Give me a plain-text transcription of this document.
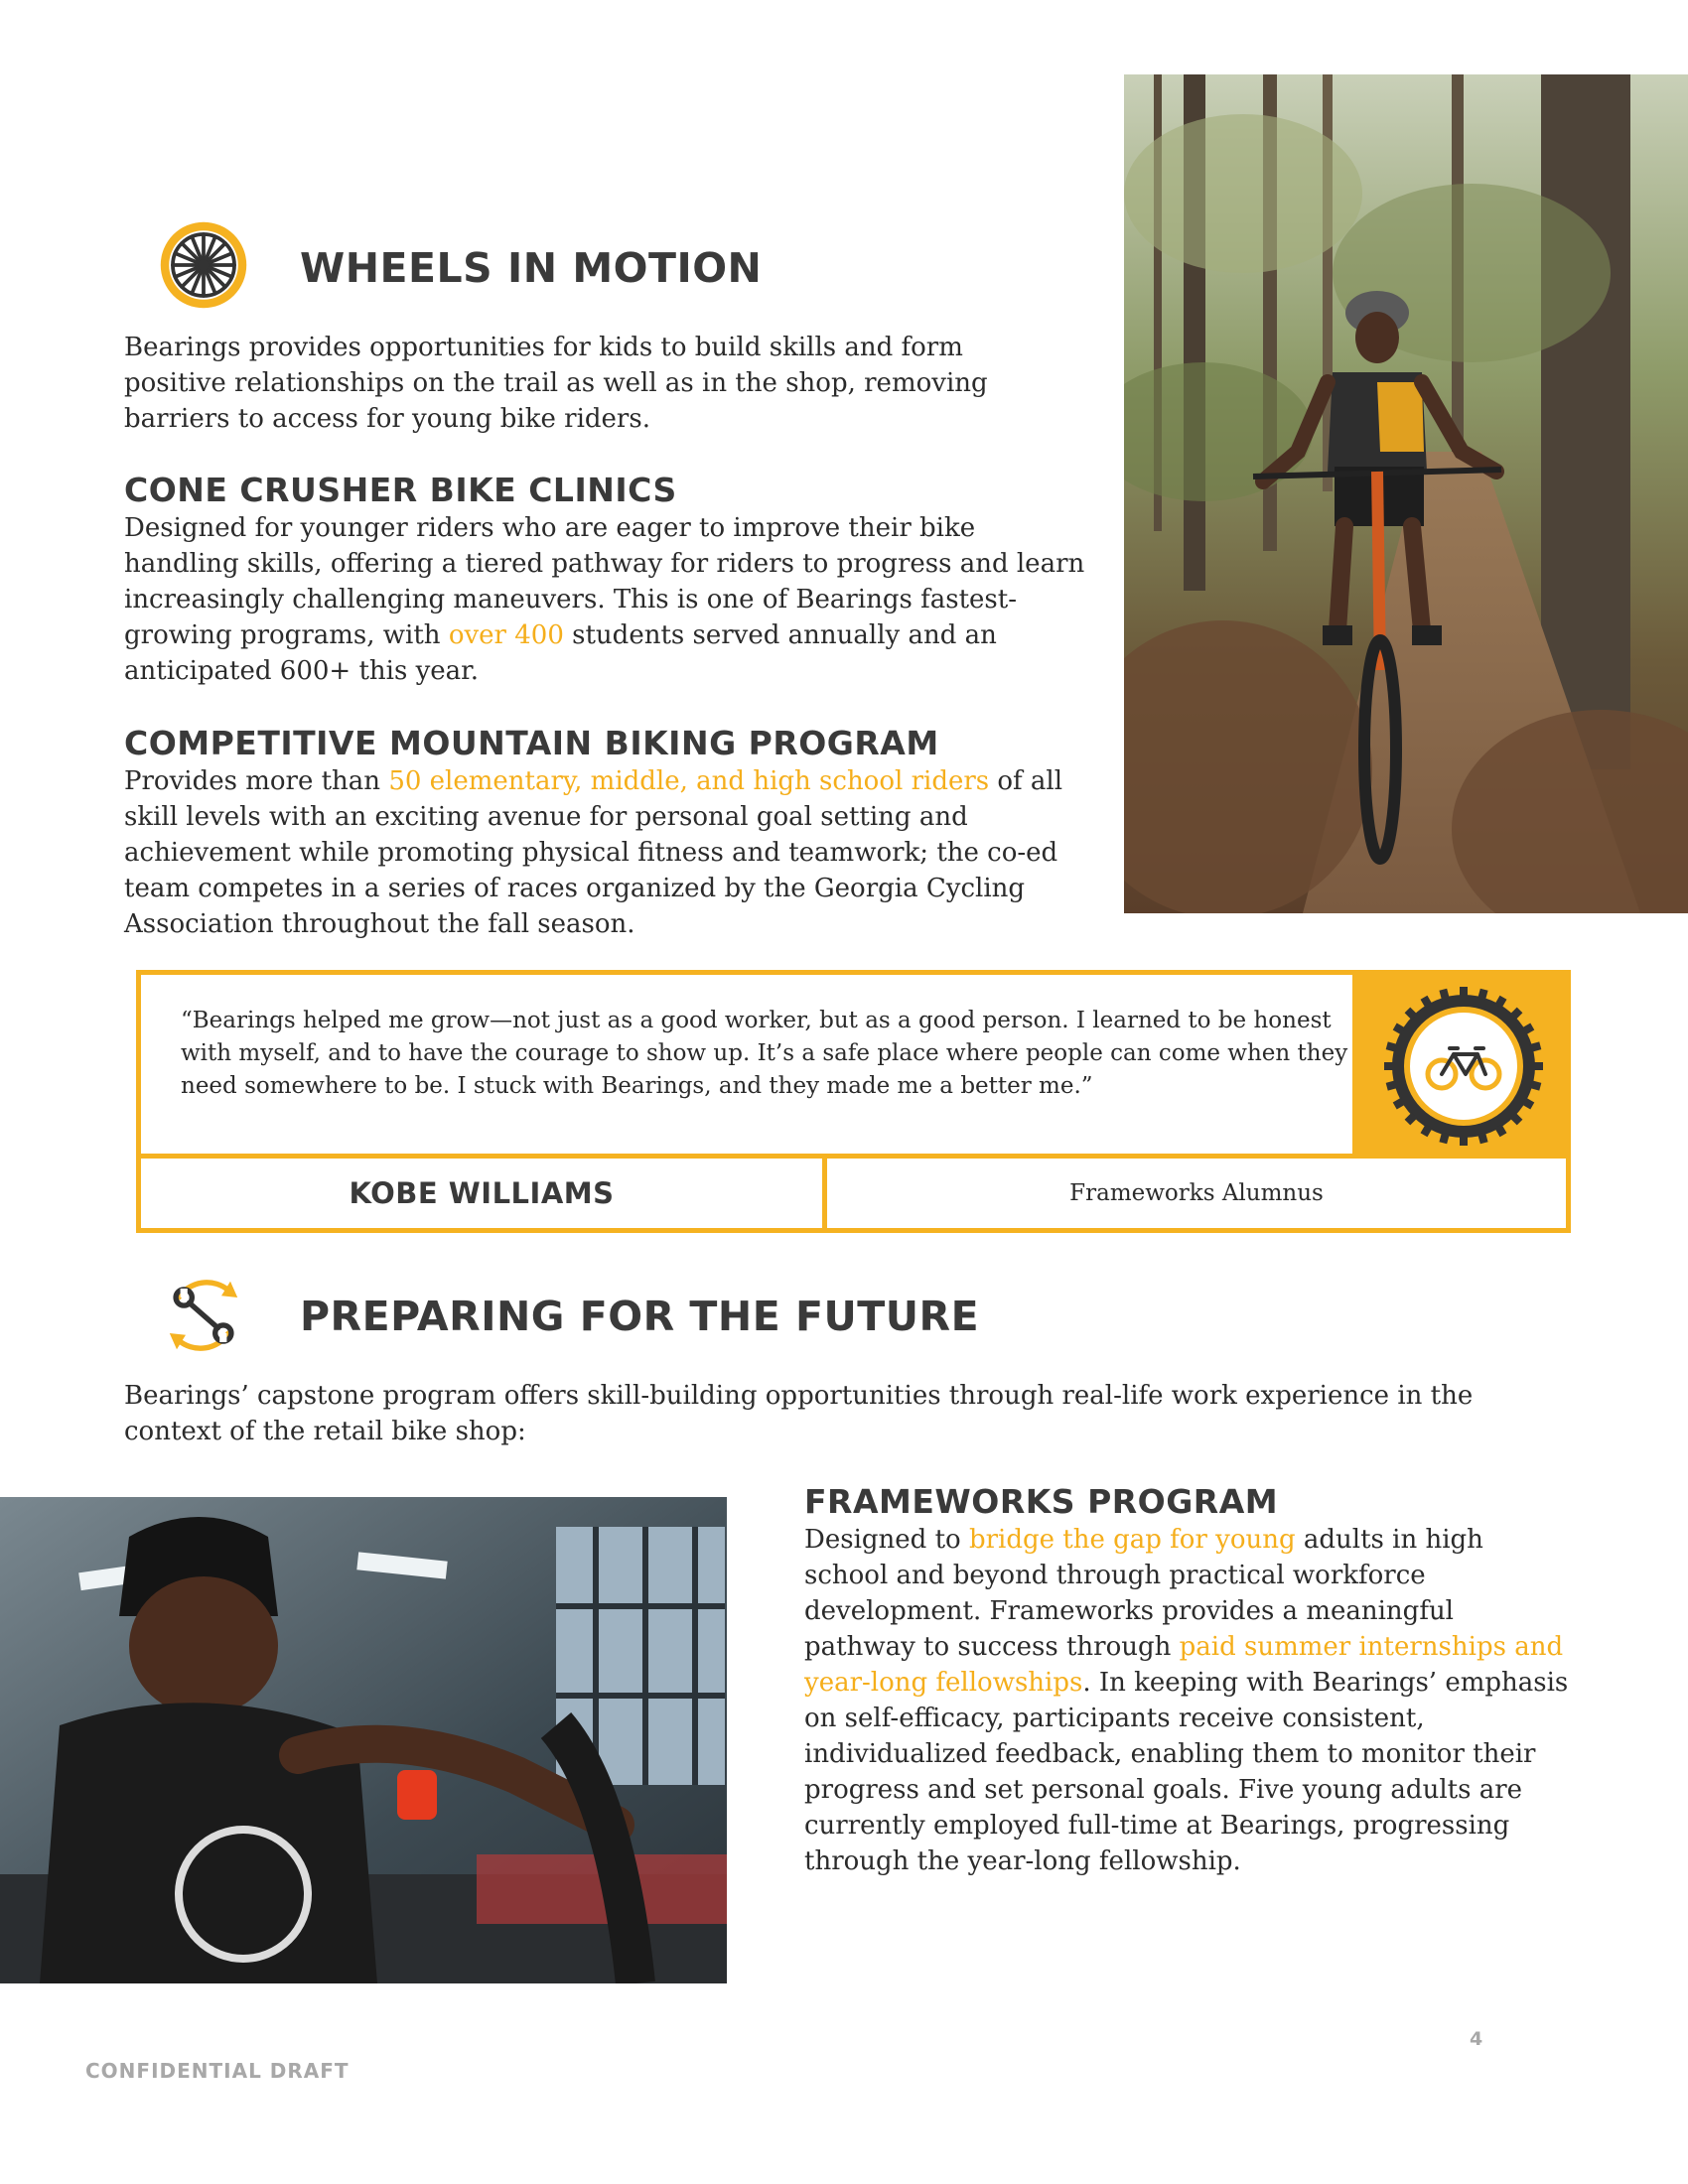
WHEELS IN MOTION

Bearings provides opportunities for kids to build skills and form positive relationships on the trail as well as in the shop, removing barriers to access for young bike riders.

CONE CRUSHER BIKE CLINICS

Designed for younger riders who are eager to improve their bike handling skills, offering a tiered pathway for riders to progress and learn increasingly challenging maneuvers. This is one of Bearings fastest-growing programs, with over 400 students served annually and an anticipated 600+ this year.

COMPETITIVE MOUNTAIN BIKING PROGRAM

Provides more than 50 elementary, middle, and high school riders of all skill levels with an exciting avenue for personal goal setting and achievement while promoting physical fitness and teamwork; the co-ed team competes in a series of races organized by the Georgia Cycling Association throughout the fall season.

“Bearings helped me grow—not just as a good worker, but as a good person. I learned to be honest with myself, and to have the courage to show up. It’s a safe place where people can come when they need somewhere to be. I stuck with Bearings, and they made me a better me.”

KOBE WILLIAMS	Frameworks Alumnus
PREPARING FOR THE FUTURE

Bearings’ capstone program offers skill-building opportunities through real-life work experience in the context of the retail bike shop:

FRAMEWORKS PROGRAM

Designed to bridge the gap for young adults in high school and beyond through practical workforce development. Frameworks provides a meaningful pathway to success through paid summer internships and year-long fellowships. In keeping with Bearings’ emphasis on self-efficacy, participants receive consistent, individualized feedback, enabling them to monitor their progress and set personal goals. Five young adults are currently employed full-time at Bearings, progressing through the year-long fellowship.

CONFIDENTIAL DRAFT
4
